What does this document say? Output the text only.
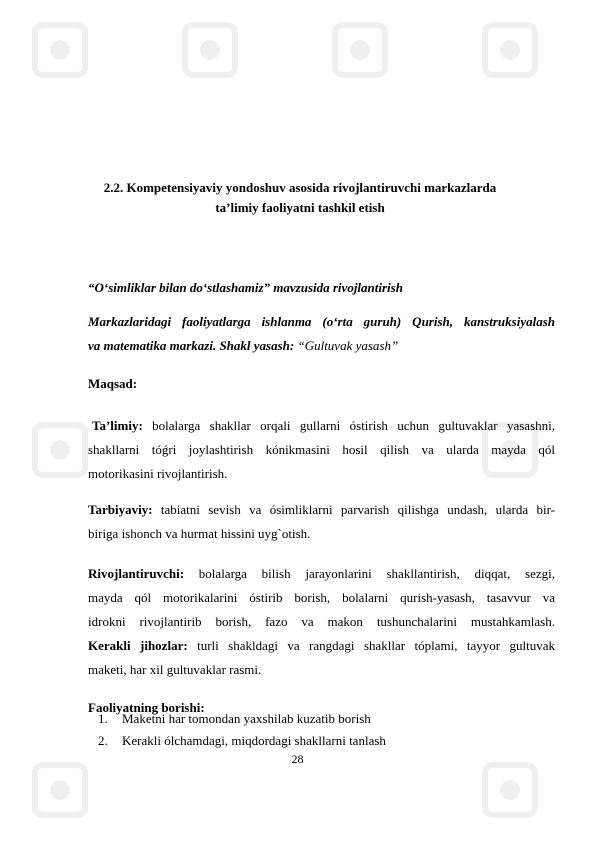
2.2. Kompetensiyaviy yondoshuv asosida rivojlantiruvchi markazlarda
taʼlimiy faoliyatni tashkil etish
“O‘simliklar bilan do‘stlashamiz” mavzusida rivojlantirish
Markazlaridagi faoliyatlarga ishlanma (o‘rta guruh) Qurish, kanstruksiyalash
va matematika markazi. Shakl yasash: “Gultuvak yasash”
Maqsad:
Taʼlimiy: bolalarga shakllar orqali gullarni óstirish uchun gultuvaklar yasashni,
shakllarni tóǵri joylashtirish kónikmasini hosil qilish va ularda mayda qól
motorikasini rivojlantirish.
Tarbiyaviy: tabiatni sevish va ósimliklarni parvarish qilishga undash, ularda bir-
biriga ishonch va hurmat hissini uyg`otish.
Rivojlantiruvchi: bolalarga bilish jarayonlarini shakllantirish, diqqat, sezgi,
mayda qól motorikalarini óstirib borish, bolalarni qurish-yasash, tasavvur va
idrokni rivojlantirib borish, fazo va makon tushunchalarini mustahkamlash.
Kerakli jihozlar: turli shakldagi va rangdagi shakllar tóplami, tayyor gultuvak
maketi, har xil gultuvaklar rasmi.
Faoliyatning borishi:
1. Maketni har tomondan yaxshilab kuzatib borish
2. Kerakli ólchamdagi, miqdordagi shakllarni tanlash
28
